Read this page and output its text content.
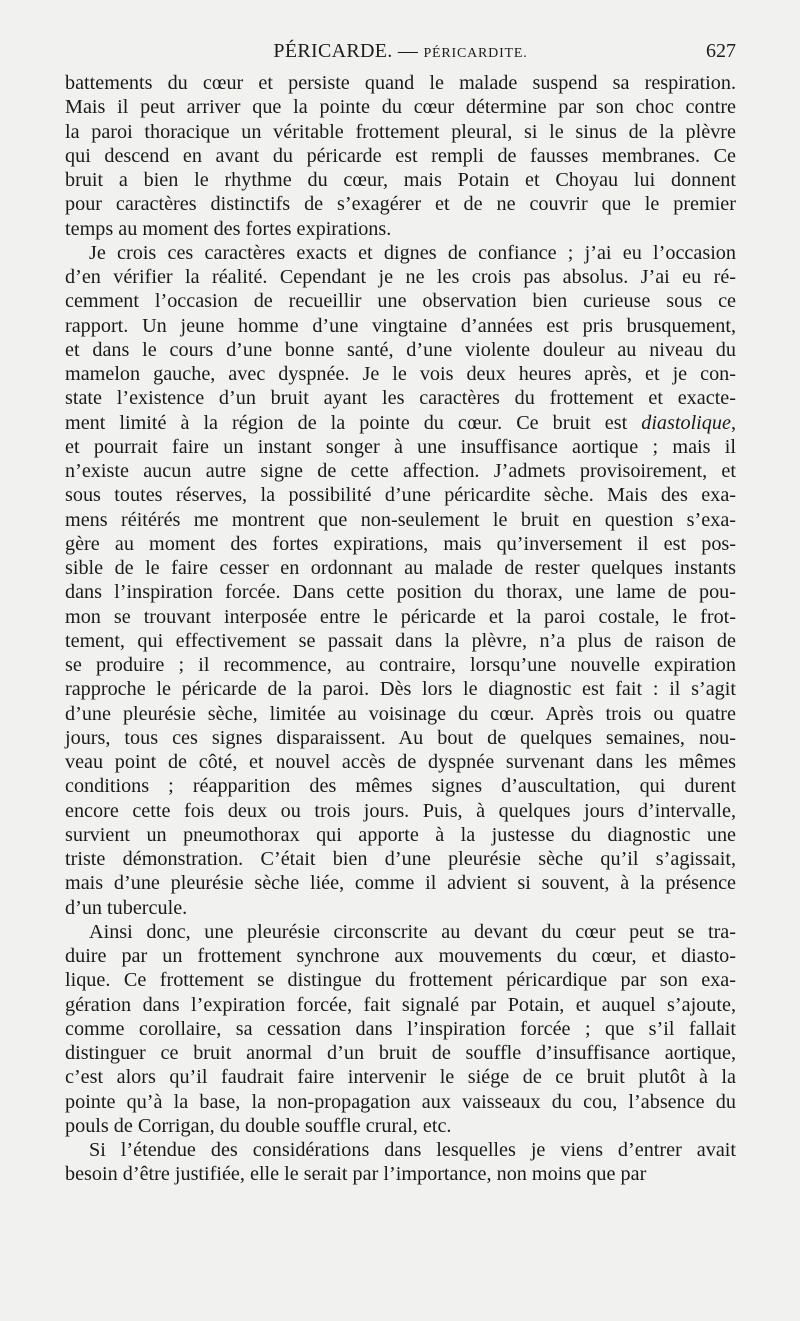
PÉRICARDE. — PÉRICARDITE.	627

battements du cœur et persiste quand le malade suspend sa respiration.
Mais il peut arriver que la pointe du cœur détermine par son choc contre
la paroi thoracique un véritable frottement pleural, si le sinus de la plèvre
qui descend en avant du péricarde est rempli de fausses membranes. Ce
bruit a bien le rhythme du cœur, mais Potain et Choyau lui donnent
pour caractères distinctifs de s’exagérer et de ne couvrir que le premier
temps au moment des fortes expirations.

Je crois ces caractères exacts et dignes de confiance ; j’ai eu l’occasion
d’en vérifier la réalité. Cependant je ne les crois pas absolus. J’ai eu ré-
cemment l’occasion de recueillir une observation bien curieuse sous ce
rapport. Un jeune homme d’une vingtaine d’années est pris brusquement,
et dans le cours d’une bonne santé, d’une violente douleur au niveau du
mamelon gauche, avec dyspnée. Je le vois deux heures après, et je con-
state l’existence d’un bruit ayant les caractères du frottement et exacte-
ment limité à la région de la pointe du cœur. Ce bruit est diastolique,
et pourrait faire un instant songer à une insuffisance aortique ; mais il
n’existe aucun autre signe de cette affection. J’admets provisoirement, et
sous toutes réserves, la possibilité d’une péricardite sèche. Mais des exa-
mens réitérés me montrent que non-seulement le bruit en question s’exa-
gère au moment des fortes expirations, mais qu’inversement il est pos-
sible de le faire cesser en ordonnant au malade de rester quelques instants
dans l’inspiration forcée. Dans cette position du thorax, une lame de pou-
mon se trouvant interposée entre le péricarde et la paroi costale, le frot-
tement, qui effectivement se passait dans la plèvre, n’a plus de raison de
se produire ; il recommence, au contraire, lorsqu’une nouvelle expiration
rapproche le péricarde de la paroi. Dès lors le diagnostic est fait : il s’agit
d’une pleurésie sèche, limitée au voisinage du cœur. Après trois ou quatre
jours, tous ces signes disparaissent. Au bout de quelques semaines, nou-
veau point de côté, et nouvel accès de dyspnée survenant dans les mêmes
conditions ; réapparition des mêmes signes d’auscultation, qui durent
encore cette fois deux ou trois jours. Puis, à quelques jours d’intervalle,
survient un pneumothorax qui apporte à la justesse du diagnostic une
triste démonstration. C’était bien d’une pleurésie sèche qu’il s’agissait,
mais d’une pleurésie sèche liée, comme il advient si souvent, à la présence
d’un tubercule.

Ainsi donc, une pleurésie circonscrite au devant du cœur peut se tra-
duire par un frottement synchrone aux mouvements du cœur, et diasto-
lique. Ce frottement se distingue du frottement péricardique par son exa-
gération dans l’expiration forcée, fait signalé par Potain, et auquel s’ajoute,
comme corollaire, sa cessation dans l’inspiration forcée ; que s’il fallait
distinguer ce bruit anormal d’un bruit de souffle d’insuffisance aortique,
c’est alors qu’il faudrait faire intervenir le siége de ce bruit plutôt à la
pointe qu’à la base, la non-propagation aux vaisseaux du cou, l’absence du
pouls de Corrigan, du double souffle crural, etc.

Si l’étendue des considérations dans lesquelles je viens d’entrer avait
besoin d’être justifiée, elle le serait par l’importance, non moins que par
